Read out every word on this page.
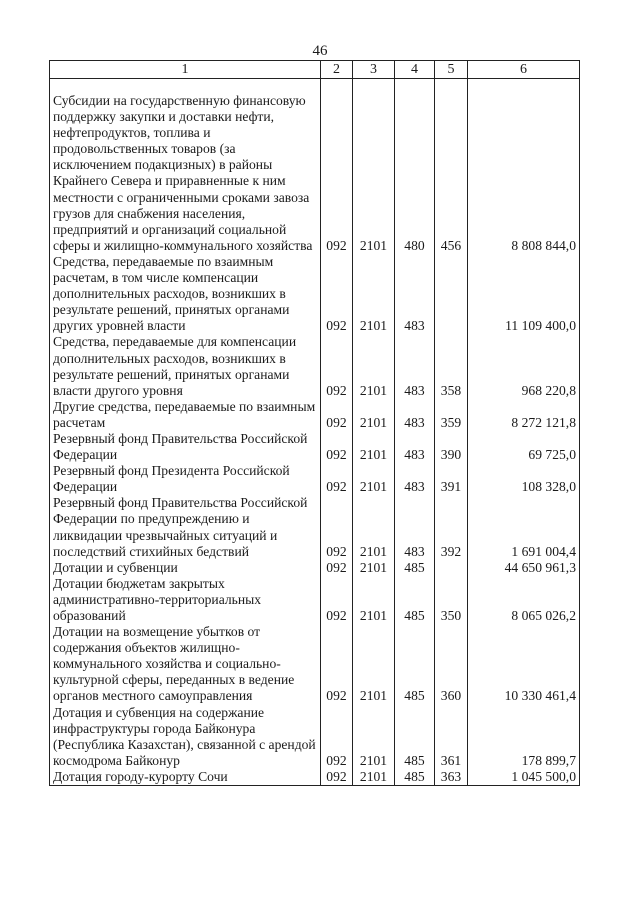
46
1	2	3	4	5	6

Субсидии на государственную финансовую поддержку закупки и доставки нефти, нефтепродуктов, топлива и продовольственных товаров (за исключением подакцизных) в районы Крайнего Севера и приравненные к ним местности с ограниченными сроками завоза грузов для снабжения населения, предприятий и организаций социальной сферы и жилищно-коммунального хозяйства	092	2101	480	456	8 808 844,0
Средства, передаваемые по взаимным расчетам, в том числе компенсации дополнительных расходов, возникших в результате решений, принятых органами других уровней власти	092	2101	483		11 109 400,0
Средства, передаваемые для компенсации дополнительных расходов, возникших в результате решений, принятых органами власти другого уровня	092	2101	483	358	968 220,8
Другие средства, передаваемые по взаимным расчетам	092	2101	483	359	8 272 121,8
Резервный фонд Правительства Российской Федерации	092	2101	483	390	69 725,0
Резервный фонд Президента Российской Федерации	092	2101	483	391	108 328,0
Резервный фонд Правительства Российской Федерации по предупреждению и ликвидации чрезвычайных ситуаций и последствий стихийных бедствий	092	2101	483	392	1 691 004,4
Дотации и субвенции	092	2101	485		44 650 961,3
Дотации бюджетам закрытых административно-территориальных образований	092	2101	485	350	8 065 026,2
Дотации на возмещение убытков от содержания объектов жилищно-коммунального хозяйства и социально-культурной сферы, переданных в ведение органов местного самоуправления	092	2101	485	360	10 330 461,4
Дотация и субвенция на содержание инфраструктуры города Байконура (Республика Казахстан), связанной с арендой космодрома Байконур	092	2101	485	361	178 899,7
Дотация городу-курорту Сочи	092	2101	485	363	1 045 500,0
